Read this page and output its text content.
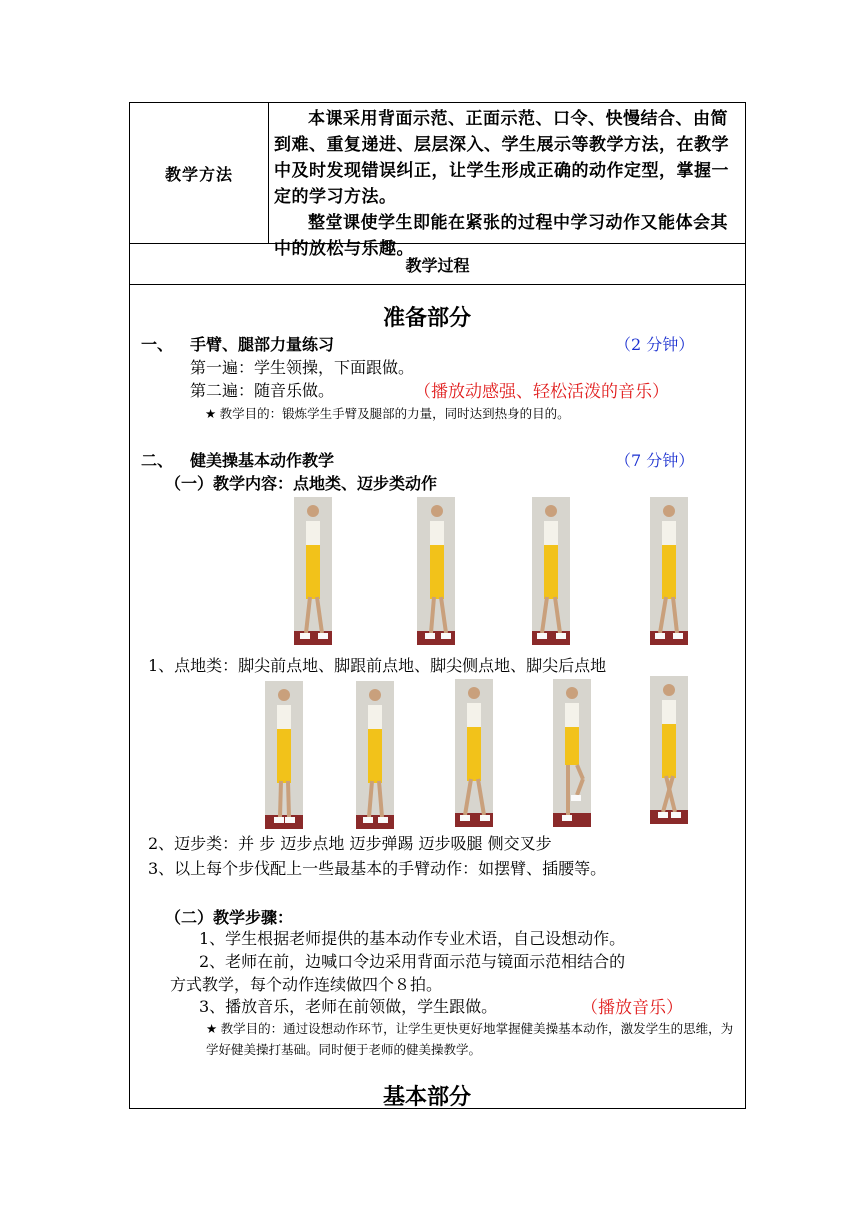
教学方法

本课采用背面示范、正面示范、口令、快慢结合、由简到难、重复递进、层层深入、学生展示等教学方法，在教学中及时发现错误纠正，让学生形成正确的动作定型，掌握一定的学习方法。

整堂课使学生即能在紧张的过程中学习动作又能体会其中的放松与乐趣。

教学过程
准备部分
一、 手臂、腿部力量练习	（2 分钟）
第一遍：学生领操，下面跟做。
第二遍：随音乐做。	（播放动感强、轻松活泼的音乐）
★ 教学目的：锻炼学生手臂及腿部的力量，同时达到热身的目的。
二、 健美操基本动作教学	（7 分钟）
（一）教学内容：点地类、迈步类动作
1、点地类：脚尖前点地、脚跟前点地、脚尖侧点地、脚尖后点地
2、迈步类：并 步 迈步点地 迈步弹踢 迈步吸腿 侧交叉步
3、以上每个步伐配上一些最基本的手臂动作：如摆臂、插腰等。
（二）教学步骤：
1、学生根据老师提供的基本动作专业术语，自己设想动作。
2、老师在前，边喊口令边采用背面示范与镜面示范相结合的
方式教学，每个动作连续做四个８拍。
3、播放音乐，老师在前领做，学生跟做。	（播放音乐）
★ 教学目的：通过设想动作环节，让学生更快更好地掌握健美操基本动作，激发学生的思维，为学好健美操打基础。同时便于老师的健美操教学。
基本部分
